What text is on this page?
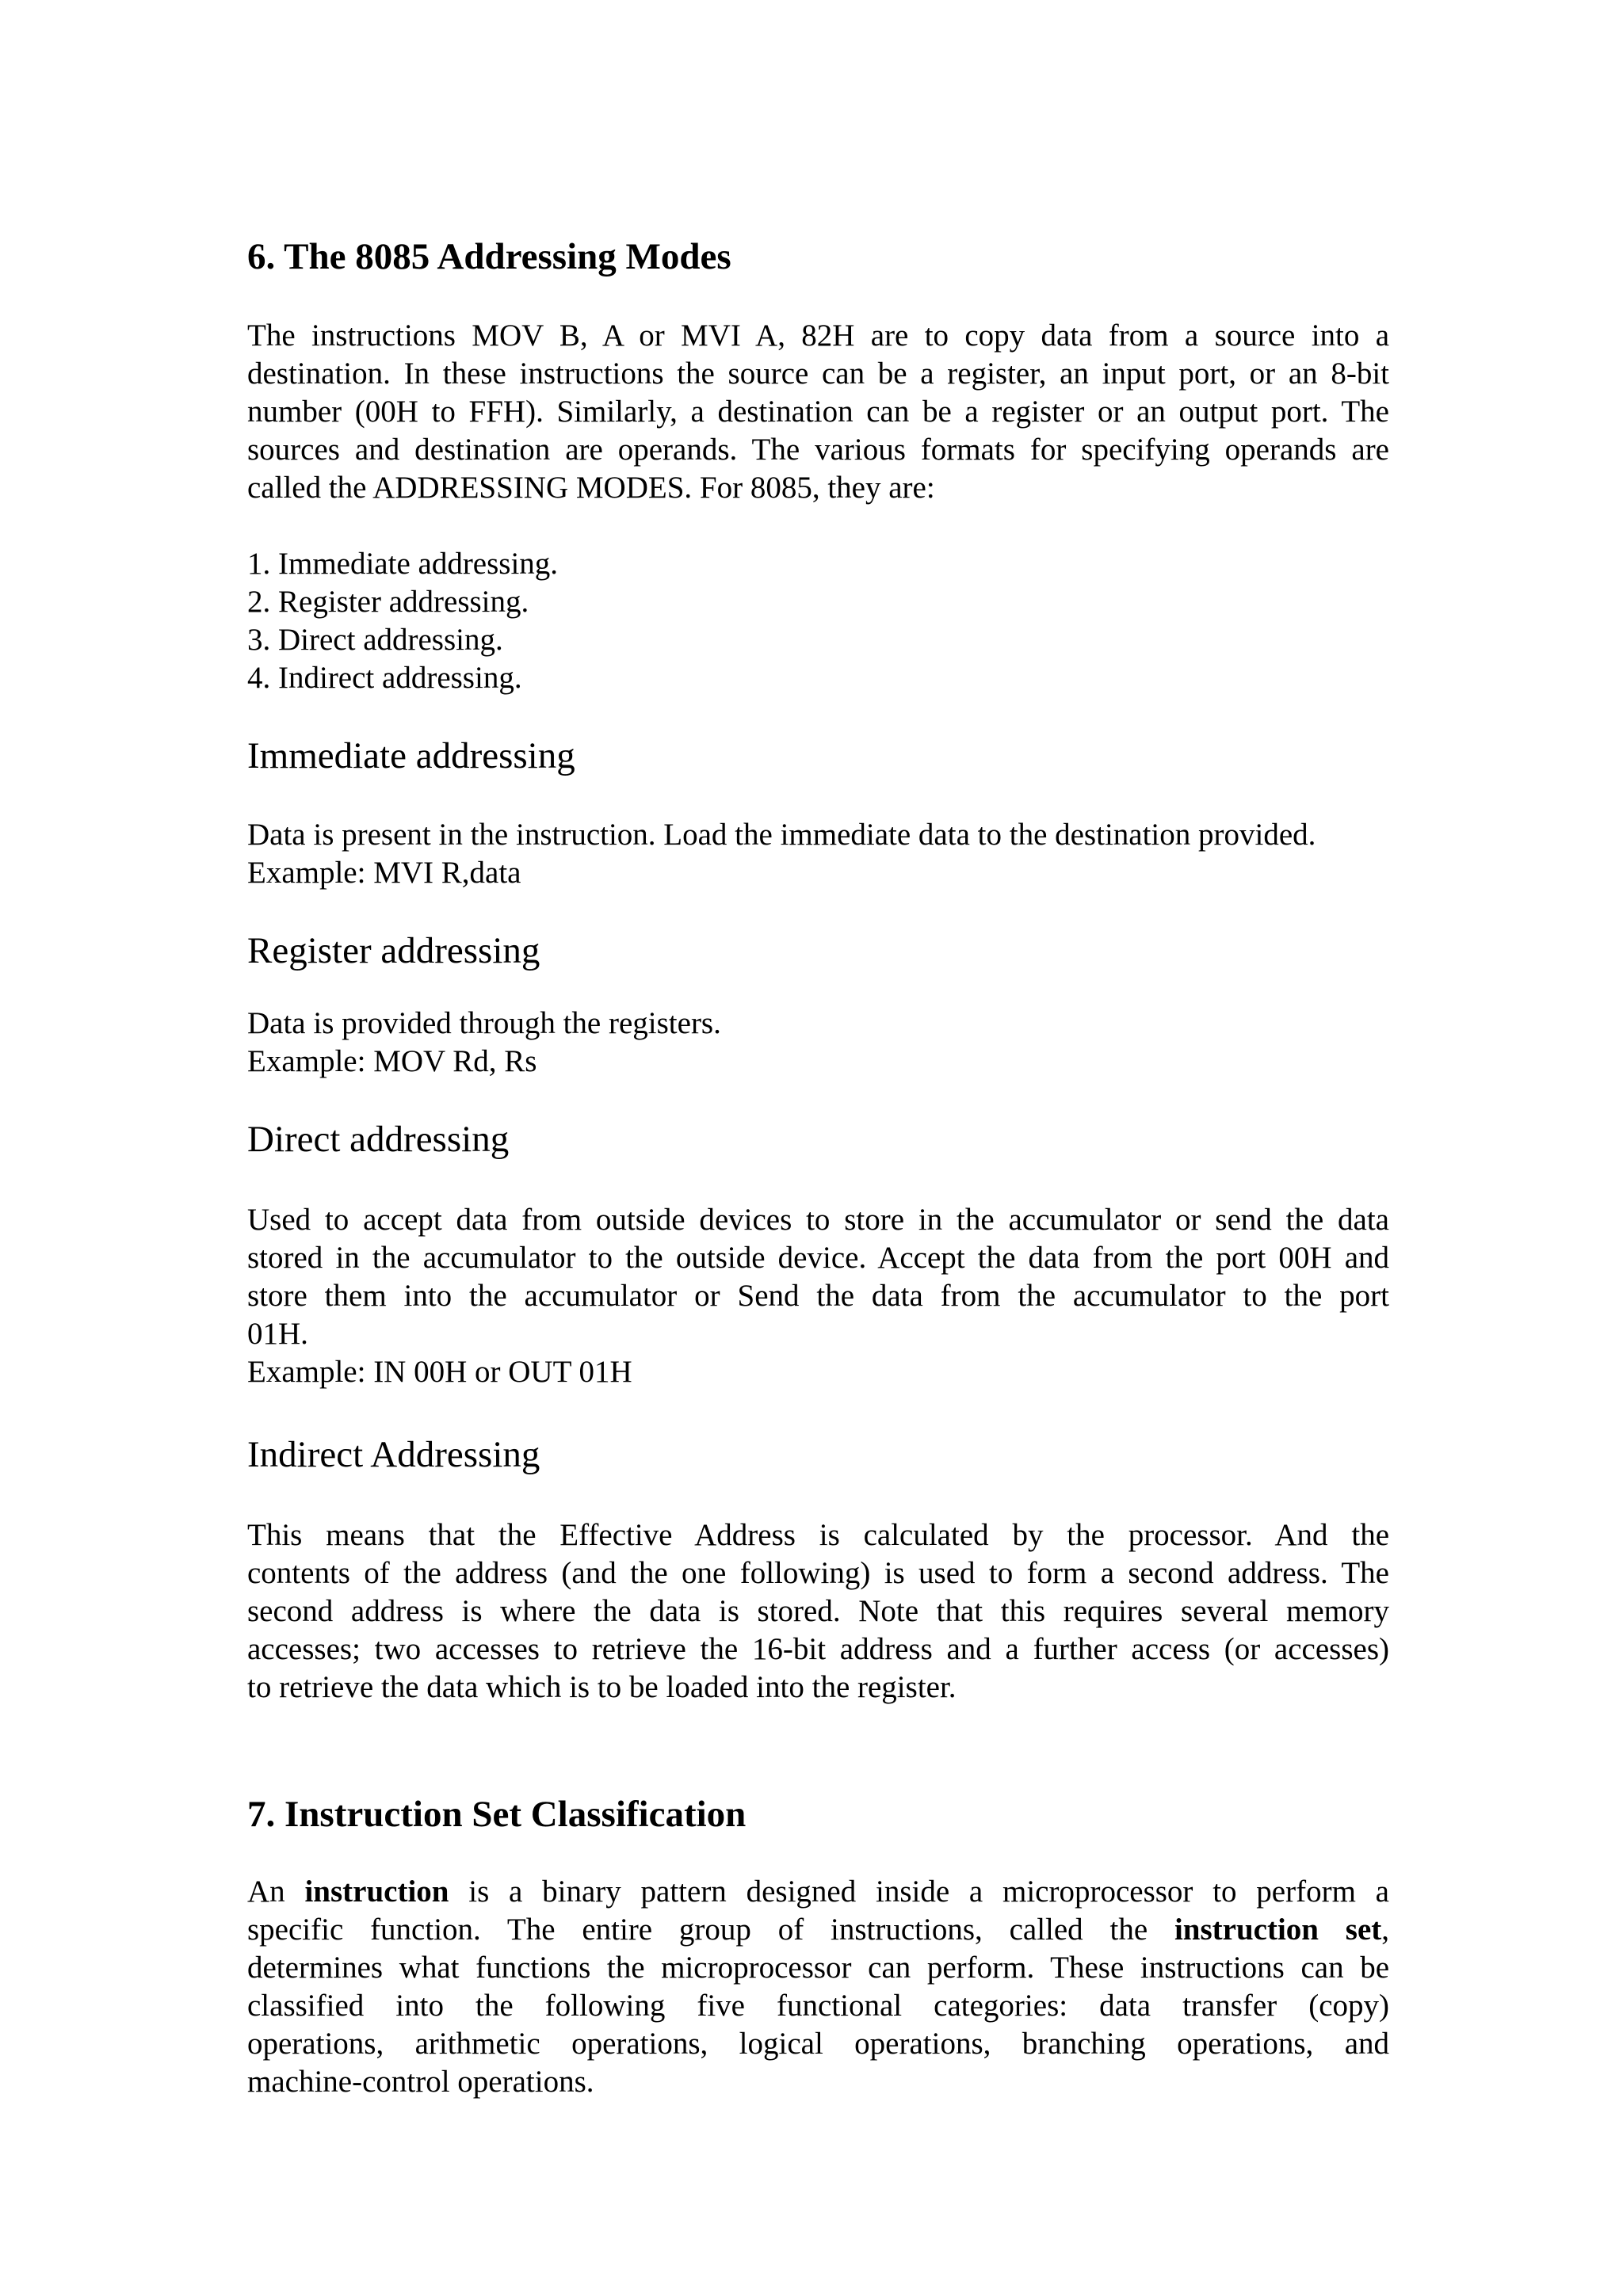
6. The 8085 Addressing Modes

The instructions MOV B, A or MVI A, 82H are to copy data from a source into a
destination. In these instructions the source can be a register, an input port, or an 8-bit
number (00H to FFH). Similarly, a destination can be a register or an output port. The
sources and destination are operands. The various formats for specifying operands are
called the ADDRESSING MODES. For 8085, they are:

1. Immediate addressing.
2. Register addressing.
3. Direct addressing.
4. Indirect addressing.
Immediate addressing

Data is present in the instruction. Load the immediate data to the destination provided.
Example: MVI R,data

Register addressing

Data is provided through the registers.
Example: MOV Rd, Rs

Direct addressing

Used to accept data from outside devices to store in the accumulator or send the data
stored in the accumulator to the outside device. Accept the data from the port 00H and
store them into the accumulator or Send the data from the accumulator to the port
01H.
Example: IN 00H or OUT 01H

Indirect Addressing

This means that the Effective Address is calculated by the processor. And the
contents of the address (and the one following) is used to form a second address. The
second address is where the data is stored. Note that this requires several memory
accesses; two accesses to retrieve the 16-bit address and a further access (or accesses)
to retrieve the data which is to be loaded into the register.

7. Instruction Set Classification

An instruction is a binary pattern designed inside a microprocessor to perform a
specific function. The entire group of instructions, called the instruction set,
determines what functions the microprocessor can perform. These instructions can be
classified into the following five functional categories: data transfer (copy)
operations, arithmetic operations, logical operations, branching operations, and
machine-control operations.
